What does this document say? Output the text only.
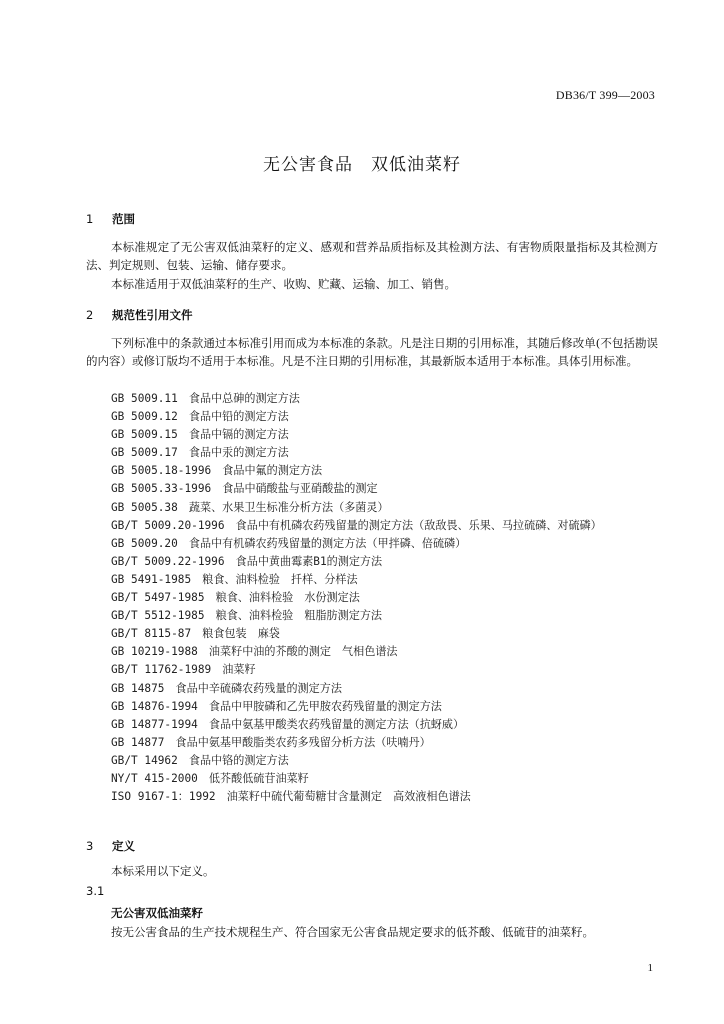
DB36/T 399—2003
无公害食品　双低油菜籽
1 范围
本标准规定了无公害双低油菜籽的定义、感观和营养品质指标及其检测方法、有害物质限量指标及其检测方法、判定规则、包装、运输、储存要求。
本标准适用于双低油菜籽的生产、收购、贮藏、运输、加工、销售。
2 规范性引用文件
下列标准中的条款通过本标准引用而成为本标准的条款。凡是注日期的引用标准，其随后修改单(不包括勘误的内容）或修订版均不适用于本标准。凡是不注日期的引用标准，其最新版本适用于本标准。具体引用标准。
GB 5009.11　食品中总砷的测定方法
GB 5009.12　食品中铅的测定方法
GB 5009.15　食品中镉的测定方法
GB 5009.17　食品中汞的测定方法
GB 5005.18-1996　食品中氟的测定方法
GB 5005.33-1996　食品中硝酸盐与亚硝酸盐的测定
GB 5005.38　蔬菜、水果卫生标准分析方法（多菌灵）
GB/T 5009.20-1996　食品中有机磷农药残留量的测定方法（敌敌畏、乐果、马拉硫磷、对硫磷）
GB 5009.20　食品中有机磷农药残留量的测定方法（甲拌磷、倍硫磷）
GB/T 5009.22-1996　食品中黄曲霉素B1的测定方法
GB 5491-1985　粮食、油料检验　扦样、分样法
GB/T 5497-1985　粮食、油料检验　水份测定法
GB/T 5512-1985　粮食、油料检验　粗脂肪测定方法
GB/T 8115-87　粮食包装　麻袋
GB 10219-1988　油菜籽中油的芥酸的测定　气相色谱法
GB/T 11762-1989　油菜籽
GB 14875　食品中辛硫磷农药残量的测定方法
GB 14876-1994　食品中甲胺磷和乙先甲胺农药残留量的测定方法
GB 14877-1994　食品中氨基甲酸类农药残留量的测定方法（抗蚜威）
GB 14877　食品中氨基甲酸脂类农药多残留分析方法（呋喃丹）
GB/T 14962　食品中铬的测定方法
NY/T 415-2000　低芥酸低硫苷油菜籽
ISO 9167-1：1992　油菜籽中硫代葡萄糖甘含量测定　高效液相色谱法
3 定义
本标采用以下定义。
3.1
无公害双低油菜籽
按无公害食品的生产技术规程生产、符合国家无公害食品规定要求的低芥酸、低硫苷的油菜籽。
1
